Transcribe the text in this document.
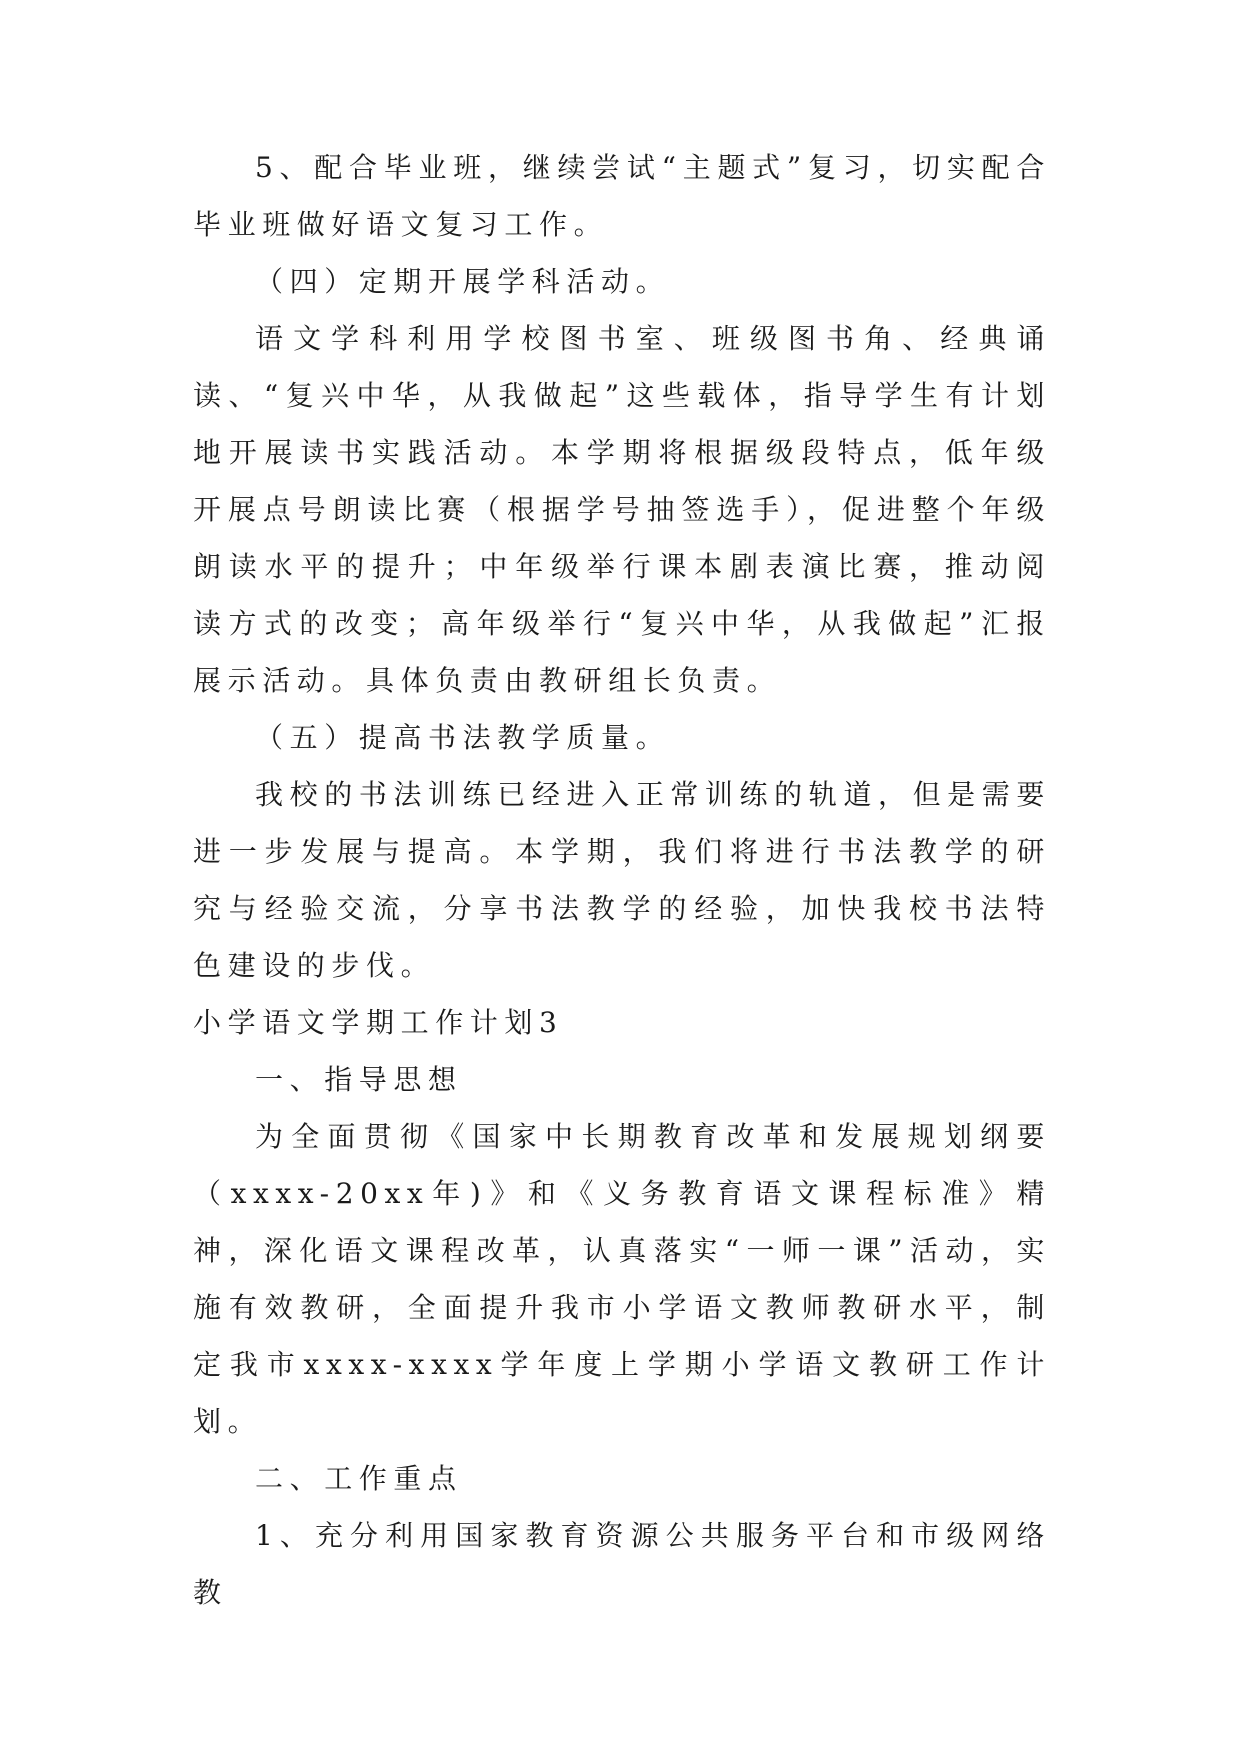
5、配合毕业班，继续尝试“主题式”复习，切实配合毕业班做好语文复习工作。

（四）定期开展学科活动。

语文学科利用学校图书室、班级图书角、经典诵读、“复兴中华，从我做起”这些载体，指导学生有计划地开展读书实践活动。本学期将根据级段特点，低年级开展点号朗读比赛（根据学号抽签选手），促进整个年级朗读水平的提升；中年级举行课本剧表演比赛，推动阅读方式的改变；高年级举行“复兴中华，从我做起”汇报展示活动。具体负责由教研组长负责。

（五）提高书法教学质量。

我校的书法训练已经进入正常训练的轨道，但是需要进一步发展与提高。本学期，我们将进行书法教学的研究与经验交流，分享书法教学的经验，加快我校书法特色建设的步伐。

小学语文学期工作计划3

一、指导思想

为全面贯彻《国家中长期教育改革和发展规划纲要（xxxx-20xx年)》和《义务教育语文课程标准》精神，深化语文课程改革，认真落实“一师一课”活动，实施有效教研，全面提升我市小学语文教师教研水平，制定我市xxxx-xxxx学年度上学期小学语文教研工作计划。

二、工作重点

1、充分利用国家教育资源公共服务平台和市级网络教
